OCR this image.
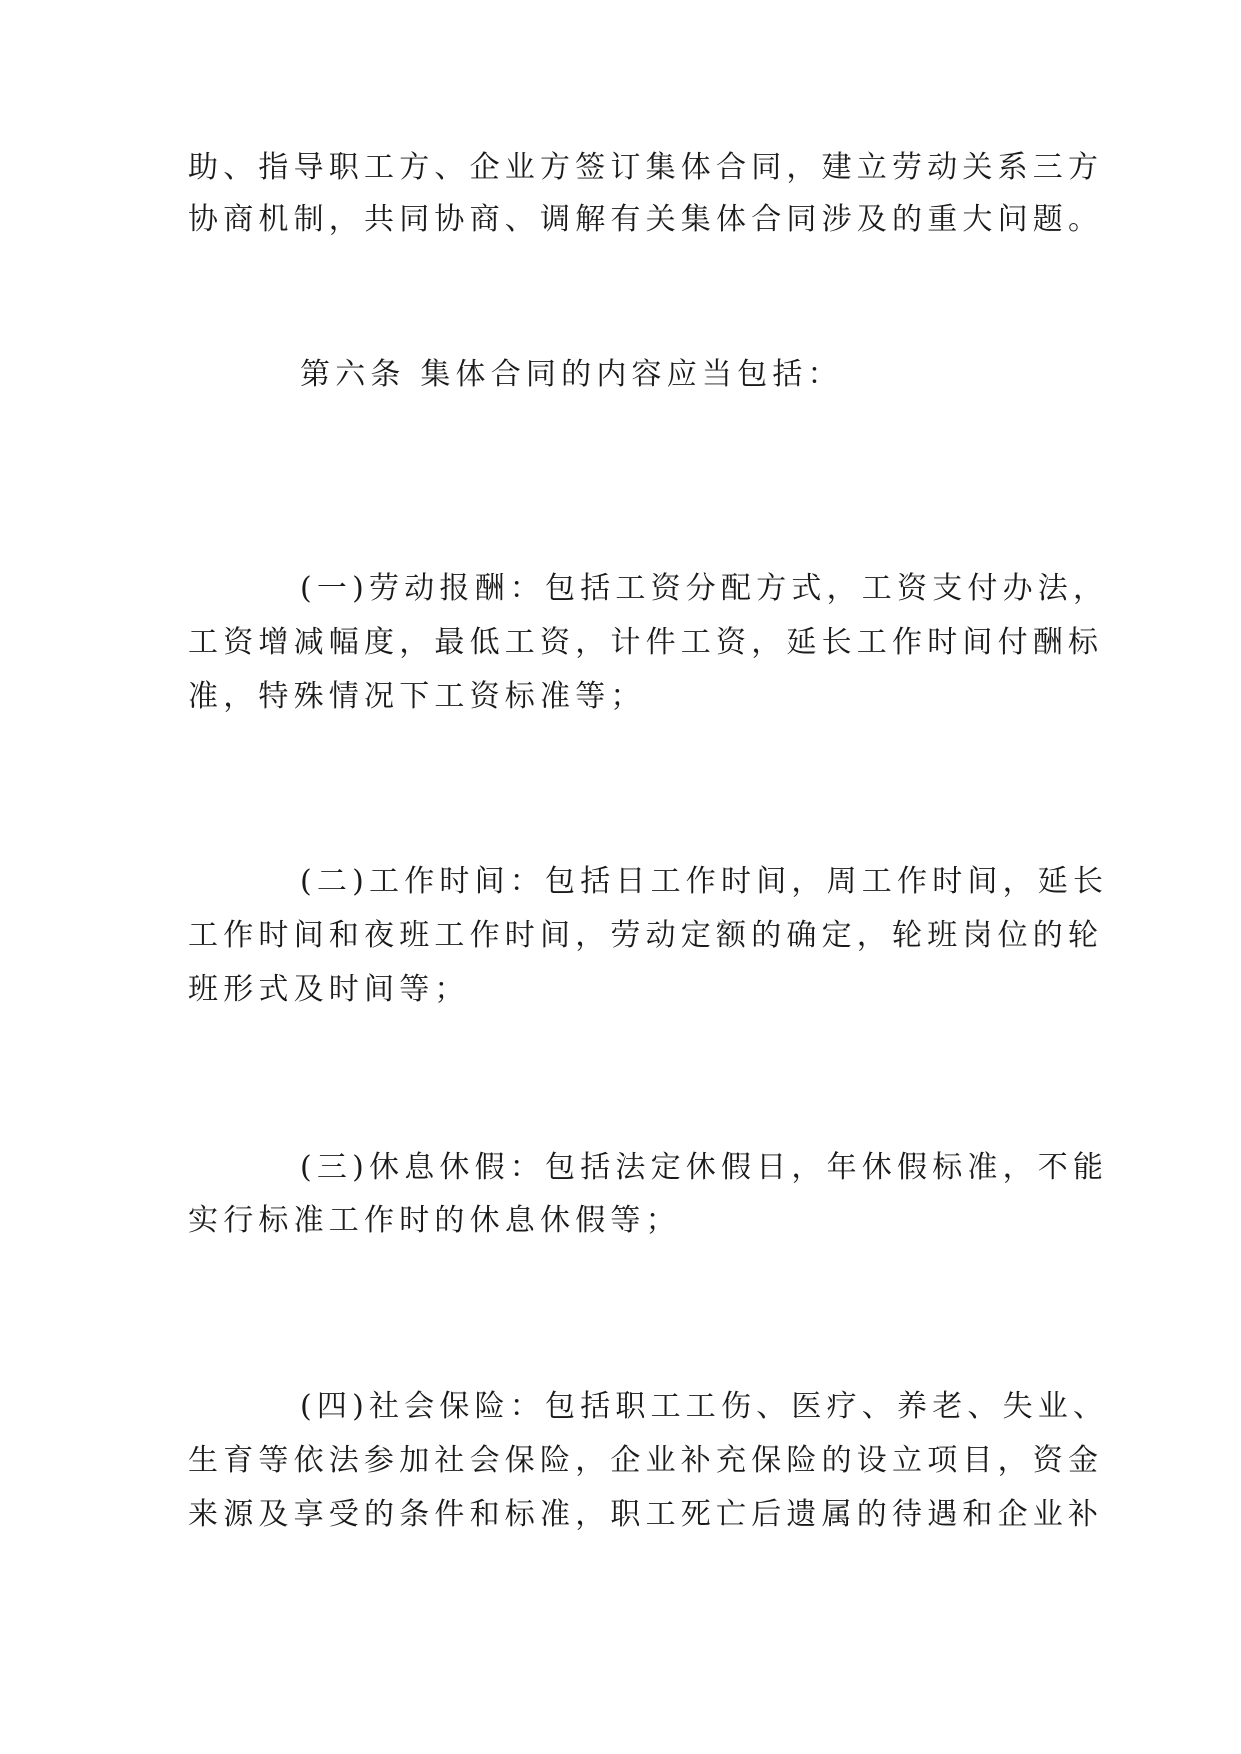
助、指导职工方、企业方签订集体合同，建立劳动关系三方
协商机制，共同协商、调解有关集体合同涉及的重大问题。
第六条 集体合同的内容应当包括：
(一)劳动报酬：包括工资分配方式，工资支付办法，
工资增减幅度，最低工资，计件工资，延长工作时间付酬标
准，特殊情况下工资标准等；
(二)工作时间：包括日工作时间，周工作时间，延长
工作时间和夜班工作时间，劳动定额的确定，轮班岗位的轮
班形式及时间等；
(三)休息休假：包括法定休假日，年休假标准，不能
实行标准工作时的休息休假等；
(四)社会保险：包括职工工伤、医疗、养老、失业、
生育等依法参加社会保险，企业补充保险的设立项目，资金
来源及享受的条件和标准，职工死亡后遗属的待遇和企业补
